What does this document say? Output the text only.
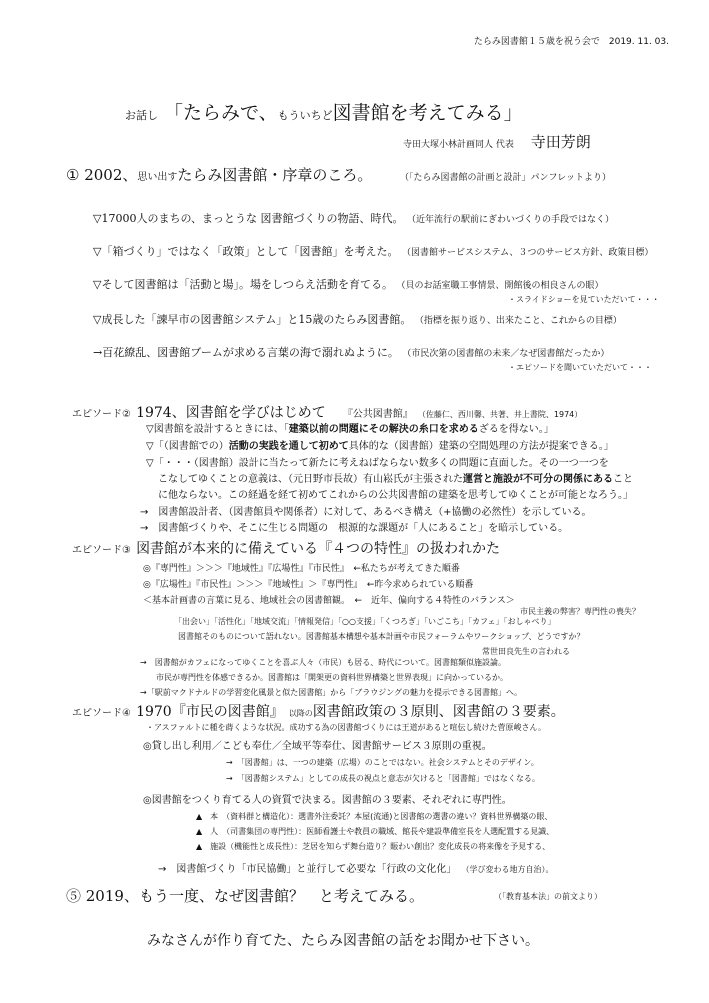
たらみ図書館１５歳を祝う会で　2019. 11. 03.
お話し 「たらみで、もういちど図書館を考えてみる」
寺田大塚小林計画同人 代表 寺田芳朗
① 2002、思い出すたらみ図書館・序章のころ。	（「たらみ図書館の計画と設計」パンフレットより）
▽17000人のまちの、まっとうな 図書館づくりの物語、時代。 （近年流行の駅前にぎわいづくりの手段ではなく）
▽「箱づくり」ではなく「政策」として「図書館」を考えた。 （図書館サービスシステム、３つのサービス方針、政策目標）
▽そして図書館は「活動と場」。場をしつらえ活動を育てる。 （貝のお話室職工事情景、開館後の相良さんの眼）
・スライドショーを見ていただいて・・・
▽成長した「諫早市の図書館システム」と15歳のたらみ図書館。 （指標を振り返り、出来たこと、これからの目標）
→百花繚乱、図書館ブームが求める言葉の海で溺れぬように。 （市民次第の図書館の未来／なぜ図書館だったか）
・エピソードを聞いていただいて・・・
エピソード② 1974、図書館を学びはじめて 『公共図書館』 （佐藤仁、西川馨、共著、井上書院、1974）
▽図書館を設計するときには、「建築以前の問題にその解決の糸口を求めるざるを得ない。」
▽「（図書館での）活動の実践を通して初めて具体的な（図書館）建築の空間処理の方法が提案できる。」
▽「・・・（図書館）設計に当たって新たに考えねばならない数多くの問題に直面した。その一つ一つを
こなしてゆくことの意義は、（元日野市長故）有山崧氏が主張された運営と施設が不可分の関係にあること
に他ならない。この経過を経て初めてこれからの公共図書館の建築を思考してゆくことが可能となろう。」
→　図書館設計者、（図書館員や関係者）に対して、あるべき構え（+協働の必然性）を示している。
→　図書館づくりや、そこに生じる問題の　根源的な課題が「人にあること」を暗示している。
エピソード③ 図書館が本来的に備えている『４つの特性』の扱われかた
◎『専門性』＞＞＞『地域性』『広場性』『市民性』　←私たちが考えてきた順番
◎『広場性』『市民性』＞＞＞『地域性』＞『専門性』　←昨今求められている順番
＜基本計画書の言葉に見る、地域社会の図書館観。　←　近年、偏向する４特性のバランス＞
市民主義の弊害？専門性の喪失？
「出会い」「活性化」「地域交流」「情報発信」「○○支援」「くつろぎ」「いごこち」「カフェ」「おしゃべり」
図書館そのものについて語れない。図書館基本構想や基本計画や市民フォーラムやワークショップ、どうですか？
常世田良先生の言われる
→　図書館がカフェになってゆくことを喜ぶ人々（市民）も居る、時代について。図書館類似施設論。
　　市民が専門性を体感できるか。図書館は「開架更の資料世界構築と世界表現」に向かっているか。
→「駅前マクドナルドの学習変化風景と似た図書館」から「ブラウジングの魅力を提示できる図書館」へ。
エピソード④ 1970『市民の図書館』 以降の図書館政策の３原則、図書館の３要素。
・アスファルトに種を蒔くような状況。成功する為の図書館づくりには王道があると喧伝し続けた菅原峻さん。
◎貸し出し利用／こども奉仕／全域平等奉仕、図書館サービス３原則の重視。
→　「図書館」は、一つの建築（広場）のことではない。社会システムとそのデザイン。
→　「図書館システム」としての成長の視点と意志が欠けると「図書館」ではなくなる。
◎図書館をつくり育てる人の資質で決まる。図書館の３要素、それぞれに専門性。
▲　本　（資料群と構造化）：選書外注委託？本屋(流通)と図書館の選書の違い？資料世界構築の眼、
▲　人　（司書集団の専門性）：医師看護士や教員の職域、館長や建設準備室長を人選配置する見識、
▲　施設（機能性と成長性）：芝居を知らず舞台造り？賑わい創出？変化成長の将来像を予見する、
→　図書館づくり「市民協働」と並行して必要な「行政の文化化」 （学び変わる地方自治）。
⑤ 2019、もう一度、なぜ図書館？　と考えてみる。	（「教育基本法」の前文より）
みなさんが作り育てた、たらみ図書館の話をお聞かせ下さい。
